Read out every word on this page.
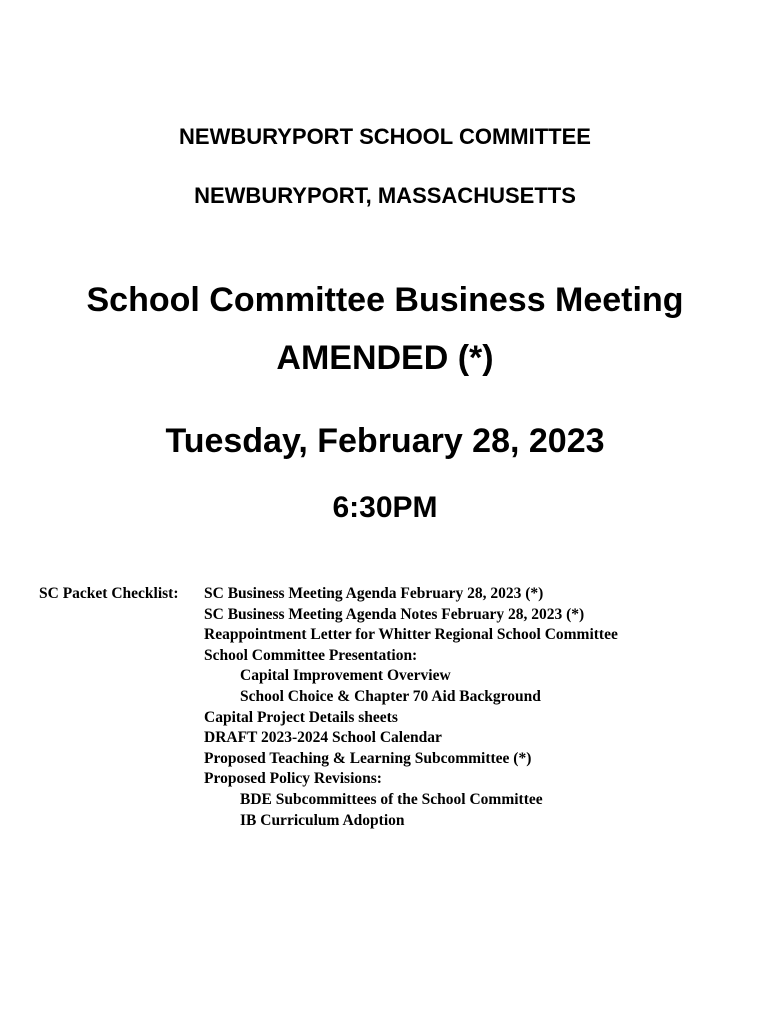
NEWBURYPORT SCHOOL COMMITTEE
NEWBURYPORT, MASSACHUSETTS
School Committee Business Meeting
AMENDED (*)
Tuesday, February 28, 2023
6:30PM
SC Packet Checklist: SC Business Meeting Agenda February 28, 2023 (*)
SC Business Meeting Agenda Notes February 28, 2023 (*)
Reappointment Letter for Whitter Regional School Committee
School Committee Presentation:
Capital Improvement Overview
School Choice & Chapter 70 Aid Background
Capital Project Details sheets
DRAFT 2023-2024 School Calendar
Proposed Teaching & Learning Subcommittee (*)
Proposed Policy Revisions:
BDE Subcommittees of the School Committee
IB Curriculum Adoption
